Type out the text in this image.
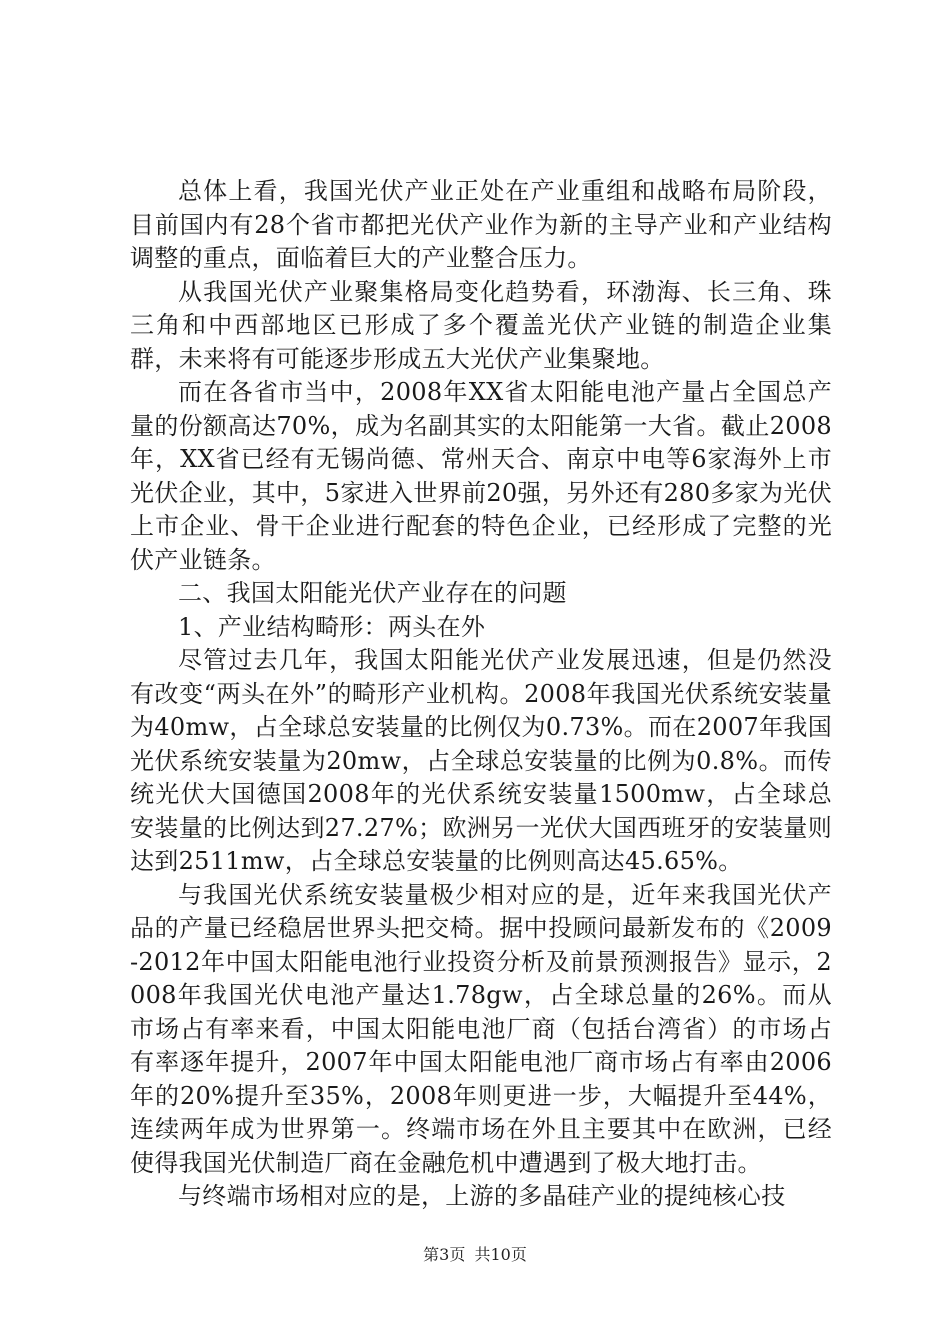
总体上看，我国光伏产业正处在产业重组和战略布局阶段，目前国内有28个省市都把光伏产业作为新的主导产业和产业结构调整的重点，面临着巨大的产业整合压力。

从我国光伏产业聚集格局变化趋势看，环渤海、长三角、珠三角和中西部地区已形成了多个覆盖光伏产业链的制造企业集群，未来将有可能逐步形成五大光伏产业集聚地。

而在各省市当中，2008年XX省太阳能电池产量占全国总产量的份额高达70%，成为名副其实的太阳能第一大省。截止2008年，XX省已经有无锡尚德、常州天合、南京中电等6家海外上市光伏企业，其中，5家进入世界前20强，另外还有280多家为光伏上市企业、骨干企业进行配套的特色企业，已经形成了完整的光伏产业链条。

二、我国太阳能光伏产业存在的问题

1、产业结构畸形：两头在外

尽管过去几年，我国太阳能光伏产业发展迅速，但是仍然没有改变“两头在外”的畸形产业机构。2008年我国光伏系统安装量为40mw，占全球总安装量的比例仅为0.73%。而在2007年我国光伏系统安装量为20mw，占全球总安装量的比例为0.8%。而传统光伏大国德国2008年的光伏系统安装量1500mw，占全球总安装量的比例达到27.27%；欧洲另一光伏大国西班牙的安装量则达到2511mw，占全球总安装量的比例则高达45.65%。

与我国光伏系统安装量极少相对应的是，近年来我国光伏产品的产量已经稳居世界头把交椅。据中投顾问最新发布的《2009-2012年中国太阳能电池行业投资分析及前景预测报告》显示，2008年我国光伏电池产量达1.78gw，占全球总量的26%。而从市场占有率来看，中国太阳能电池厂商（包括台湾省）的市场占有率逐年提升，2007年中国太阳能电池厂商市场占有率由2006年的20%提升至35%，2008年则更进一步，大幅提升至44%，连续两年成为世界第一。终端市场在外且主要其中在欧洲，已经使得我国光伏制造厂商在金融危机中遭遇到了极大地打击。

与终端市场相对应的是，上游的多晶硅产业的提纯核心技

第3页 共10页
